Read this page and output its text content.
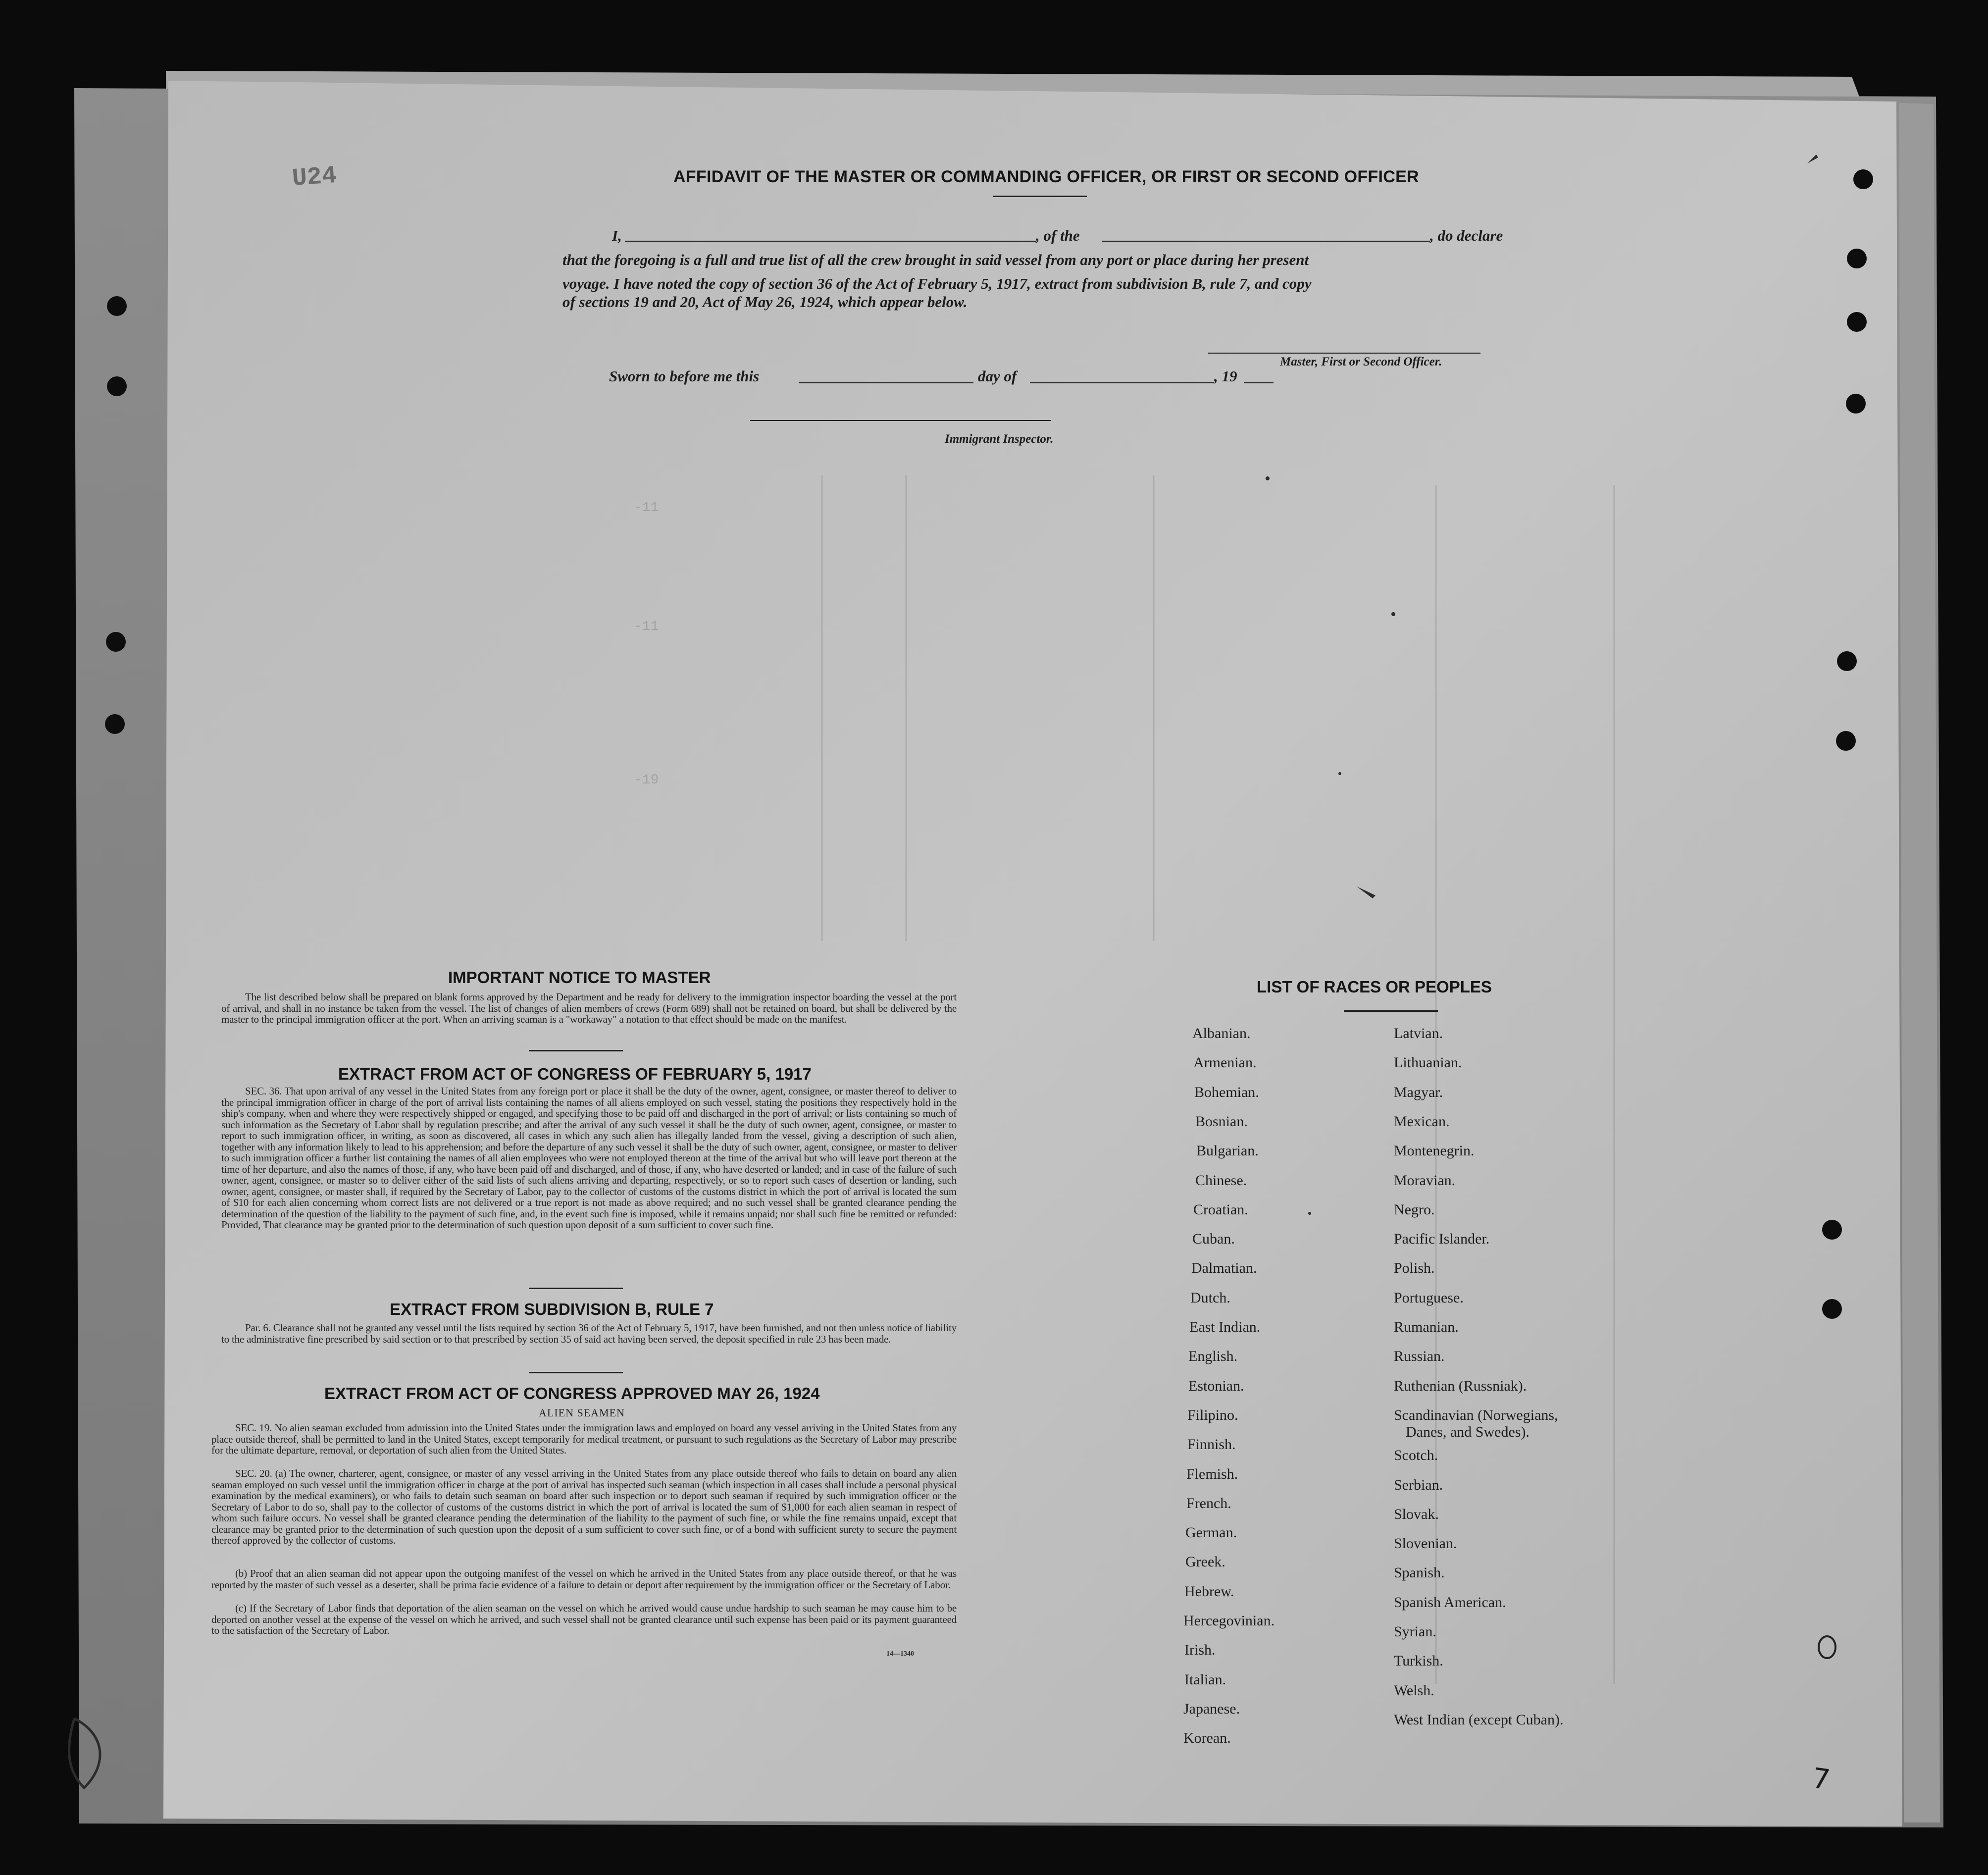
U24	AFFIDAVIT OF THE MASTER OR COMMANDING OFFICER, OR FIRST OR SECOND OFFICER
I,	, of the	, do declare
that the foregoing is a full and true list of all the crew brought in said vessel from any port or place during her present
voyage. I have noted the copy of section 36 of the Act of February 5, 1917, extract from subdivision B, rule 7, and copy
of sections 19 and 20, Act of May 26, 1924, which appear below.
Master, First or Second Officer.
Sworn to before me this	day of	, 19
Immigrant Inspector.
-11
-11
-19
IMPORTANT NOTICE TO MASTER
The list described below shall be prepared on blank forms approved by the Department and be ready for delivery to the immigration inspector boarding the vessel at the port of arrival, and shall in no instance be taken from the vessel. The list of changes of alien members of crews (Form 689) shall not be retained on board, but shall be delivered by the master to the principal immigration officer at the port. When an arriving seaman is a "workaway" a notation to that effect should be made on the manifest.
EXTRACT FROM ACT OF CONGRESS OF FEBRUARY 5, 1917
SEC. 36. That upon arrival of any vessel in the United States from any foreign port or place it shall be the duty of the owner, agent, consignee, or master thereof to deliver to the principal immigration officer in charge of the port of arrival lists containing the names of all aliens employed on such vessel, stating the positions they respectively hold in the ship's company, when and where they were respectively shipped or engaged, and specifying those to be paid off and discharged in the port of arrival; or lists containing so much of such information as the Secretary of Labor shall by regulation prescribe; and after the arrival of any such vessel it shall be the duty of such owner, agent, consignee, or master to report to such immigration officer, in writing, as soon as discovered, all cases in which any such alien has illegally landed from the vessel, giving a description of such alien, together with any information likely to lead to his apprehension; and before the departure of any such vessel it shall be the duty of such owner, agent, consignee, or master to deliver to such immigration officer a further list containing the names of all alien employees who were not employed thereon at the time of the arrival but who will leave port thereon at the time of her departure, and also the names of those, if any, who have been paid off and discharged, and of those, if any, who have deserted or landed; and in case of the failure of such owner, agent, consignee, or master so to deliver either of the said lists of such aliens arriving and departing, respectively, or so to report such cases of desertion or landing, such owner, agent, consignee, or master shall, if required by the Secretary of Labor, pay to the collector of customs of the customs district in which the port of arrival is located the sum of $10 for each alien concerning whom correct lists are not delivered or a true report is not made as above required; and no such vessel shall be granted clearance pending the determination of the question of the liability to the payment of such fine, and, in the event such fine is imposed, while it remains unpaid; nor shall such fine be remitted or refunded: Provided, That clearance may be granted prior to the determination of such question upon deposit of a sum sufficient to cover such fine.
EXTRACT FROM SUBDIVISION B, RULE 7
Par. 6. Clearance shall not be granted any vessel until the lists required by section 36 of the Act of February 5, 1917, have been furnished, and not then unless notice of liability to the administrative fine prescribed by said section or to that prescribed by section 35 of said act having been served, the deposit specified in rule 23 has been made.
EXTRACT FROM ACT OF CONGRESS APPROVED MAY 26, 1924
ALIEN SEAMEN
SEC. 19. No alien seaman excluded from admission into the United States under the immigration laws and employed on board any vessel arriving in the United States from any place outside thereof, shall be permitted to land in the United States, except temporarily for medical treatment, or pursuant to such regulations as the Secretary of Labor may prescribe for the ultimate departure, removal, or deportation of such alien from the United States.
SEC. 20. (a) The owner, charterer, agent, consignee, or master of any vessel arriving in the United States from any place outside thereof who fails to detain on board any alien seaman employed on such vessel until the immigration officer in charge at the port of arrival has inspected such seaman (which inspection in all cases shall include a personal physical examination by the medical examiners), or who fails to detain such seaman on board after such inspection or to deport such seaman if required by such immigration officer or the Secretary of Labor to do so, shall pay to the collector of customs of the customs district in which the port of arrival is located the sum of $1,000 for each alien seaman in respect of whom such failure occurs. No vessel shall be granted clearance pending the determination of the liability to the payment of such fine, or while the fine remains unpaid, except that clearance may be granted prior to the determination of such question upon the deposit of a sum sufficient to cover such fine, or of a bond with sufficient surety to secure the payment thereof approved by the collector of customs.
(b) Proof that an alien seaman did not appear upon the outgoing manifest of the vessel on which he arrived in the United States from any place outside thereof, or that he was reported by the master of such vessel as a deserter, shall be prima facie evidence of a failure to detain or deport after requirement by the immigration officer or the Secretary of Labor.
(c) If the Secretary of Labor finds that deportation of the alien seaman on the vessel on which he arrived would cause undue hardship to such seaman he may cause him to be deported on another vessel at the expense of the vessel on which he arrived, and such vessel shall not be granted clearance until such expense has been paid or its payment guaranteed to the satisfaction of the Secretary of Labor.
14—1340
LIST OF RACES OR PEOPLES
Albanian.
Armenian.
Bohemian.
Bosnian.
Bulgarian.
Chinese.
Croatian.
Cuban.
Dalmatian.
Dutch.
East Indian.
English.
Estonian.
Filipino.
Finnish.
Flemish.
French.
German.
Greek.
Hebrew.
Hercegovinian.
Irish.
Italian.
Japanese.
Korean.
Latvian.
Lithuanian.
Magyar.
Mexican.
Montenegrin.
Moravian.
Negro.
Pacific Islander.
Polish.
Portuguese.
Rumanian.
Russian.
Ruthenian (Russniak).
Scandinavian (Norwegians,
Danes, and Swedes).
Scotch.
Serbian.
Slovak.
Slovenian.
Spanish.
Spanish American.
Syrian.
Turkish.
Welsh.
West Indian (except Cuban).
7
